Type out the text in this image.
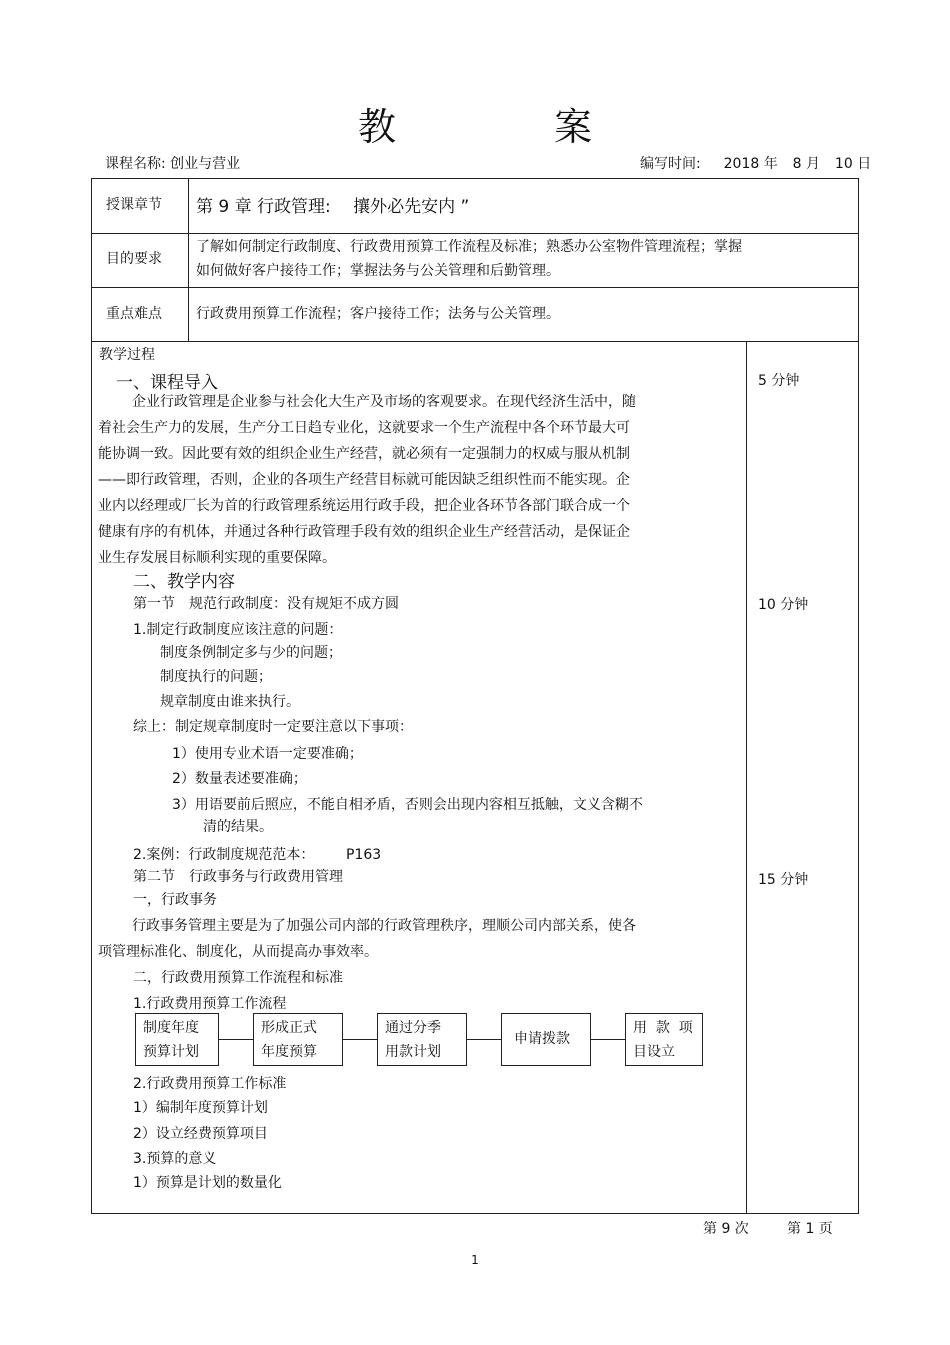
教　案
课程名称: 创业与营业	编写时间: 2018 年 8 月 10 日
授课章节 第 9 章 行政管理:　 攘外必先安内 ”
目的要求
了解如何制定行政制度、行政费用预算工作流程及标准；熟悉办公室物件管理流程；掌握
如何做好客户接待工作；掌握法务与公关管理和后勤管理。
重点难点 行政费用预算工作流程；客户接待工作；法务与公关管理。
教学过程
一、课程导入
企业行政管理是企业参与社会化大生产及市场的客观要求。在现代经济生活中，随
着社会生产力的发展，生产分工日趋专业化，这就要求一个生产流程中各个环节最大可
能协调一致。因此要有效的组织企业生产经营，就必须有一定强制力的权威与服从机制
——即行政管理，否则，企业的各项生产经营目标就可能因缺乏组织性而不能实现。企
业内以经理或厂长为首的行政管理系统运用行政手段，把企业各环节各部门联合成一个
健康有序的有机体，并通过各种行政管理手段有效的组织企业生产经营活动，是保证企
业生存发展目标顺利实现的重要保障。
二、教学内容
第一节　规范行政制度：没有规矩不成方圆
1.制定行政制度应该注意的问题：
制度条例制定多与少的问题；
制度执行的问题；
规章制度由谁来执行。
综上：制定规章制度时一定要注意以下事项：
1）使用专业术语一定要准确；
2）数量表述要准确；
3）用语要前后照应，不能自相矛盾，否则会出现内容相互抵触，文义含糊不
清的结果。
2.案例：行政制度规范范本： P163
第二节　行政事务与行政费用管理
一，行政事务
行政事务管理主要是为了加强公司内部的行政管理秩序，理顺公司内部关系，使各
项管理标准化、制度化，从而提高办事效率。
二，行政费用预算工作流程和标准
1.行政费用预算工作流程
制度年度
预算计划
形成正式
年度预算
通过分季
用款计划
申请拨款
用  款  项
目设立
2.行政费用预算工作标准
1）编制年度预算计划
2）设立经费预算项目
3.预算的意义
1）预算是计划的数量化
5 分钟
10 分钟
15 分钟
第 9 次	第 1 页
1
